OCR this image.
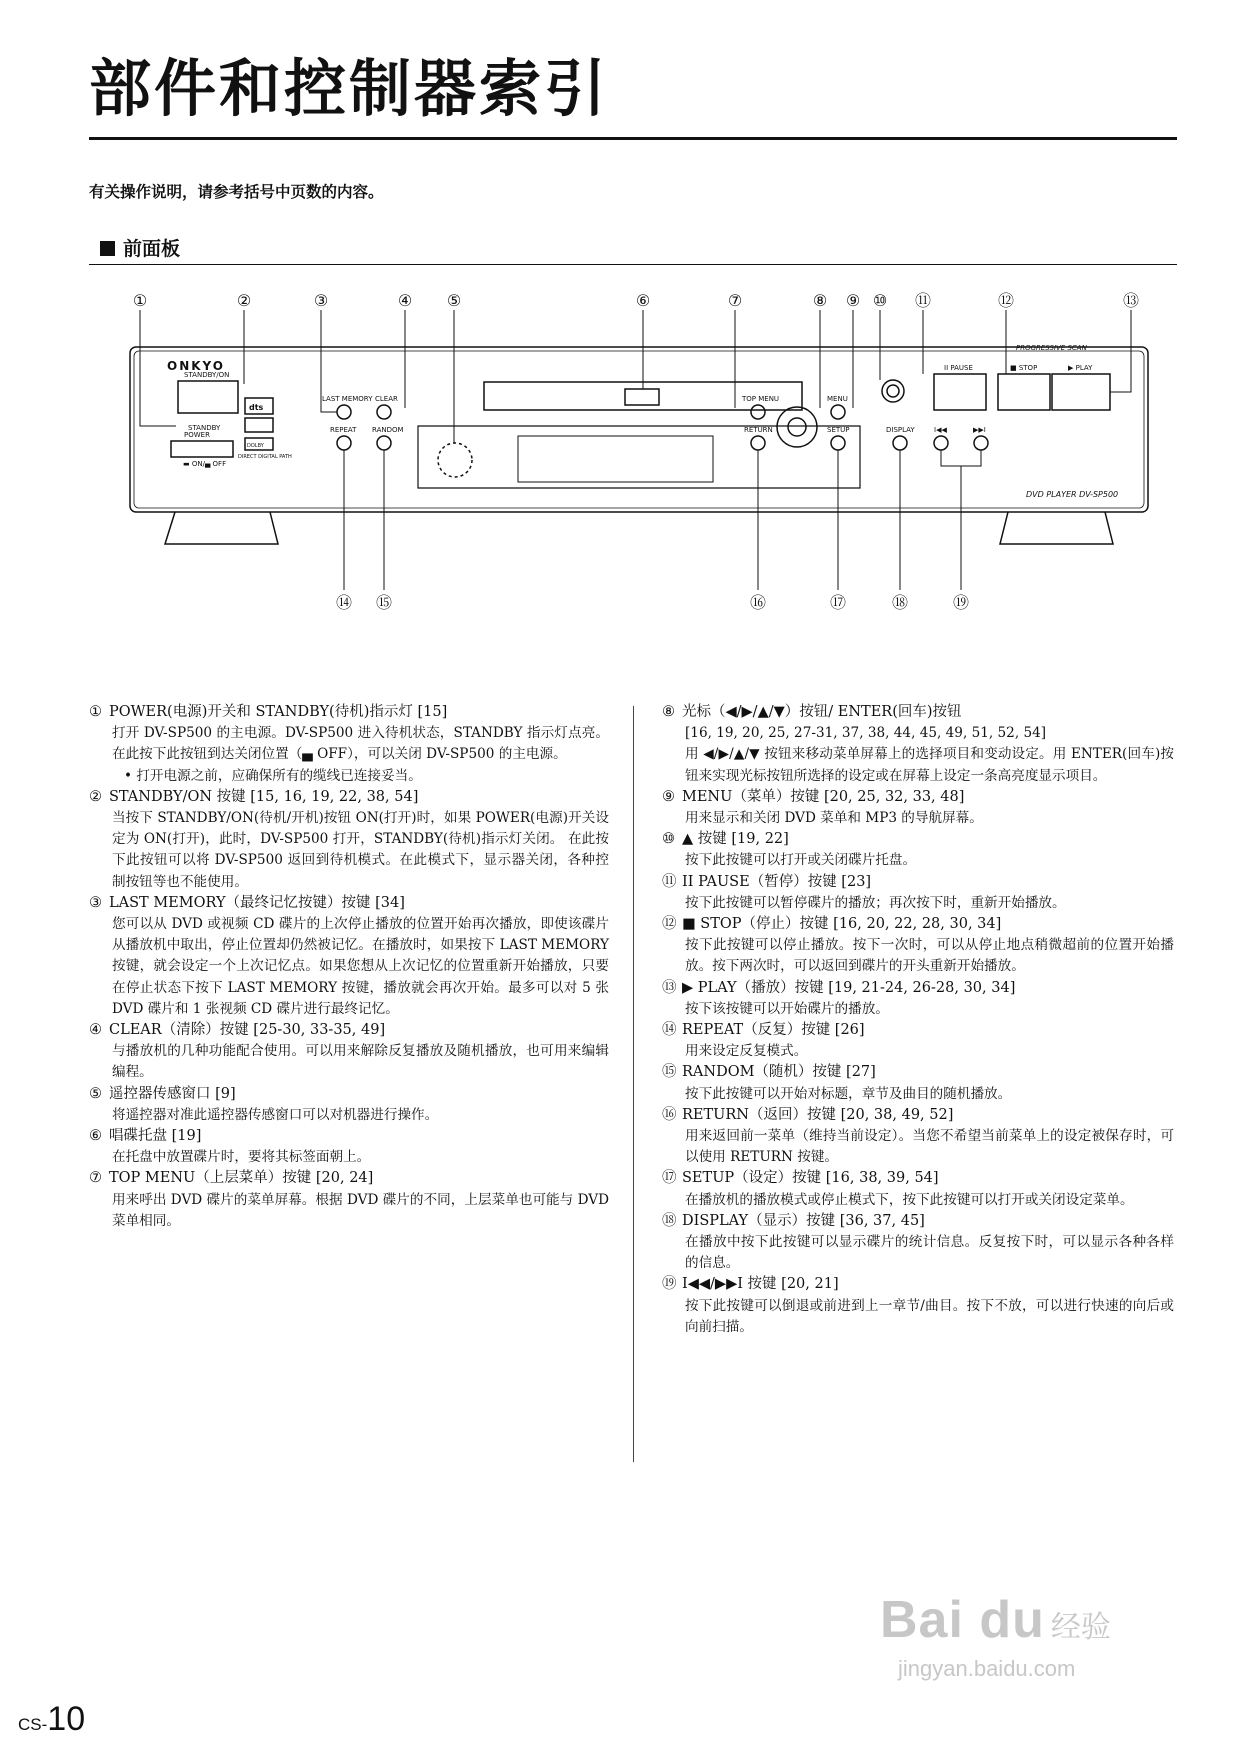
部件和控制器索引
有关操作说明，请参考括号中页数的内容。
前面板
ONKYO
STANDBY/ON
STANDBY
POWER
▬ ON/▄ OFF
dts
DOLBY
DIRECT DIGITAL PATH
LAST MEMORY CLEAR
REPEAT RANDOM
TOP MENU
RETURN
MENU
SETUP	DISPLAY	I◀◀	▶▶I
II PAUSE	■ STOP	▶ PLAY
PROGRESSIVE SCAN
DVD PLAYER DV-SP500
①	②	③	④ ⑤	⑥	⑦	⑧ ⑨ ⑩ ⑪	⑫	⑬
⑭ ⑮	⑯	⑰	⑱	⑲
① POWER(电源)开关和 STANDBY(待机)指示灯 [15]
打开 DV-SP500 的主电源。DV-SP500 进入待机状态，STANDBY 指示灯点亮。在此按下此按钮到达关闭位置（▄ OFF），可以关闭 DV-SP500 的主电源。
• 打开电源之前，应确保所有的缆线已连接妥当。
② STANDBY/ON 按键 [15, 16, 19, 22, 38, 54]
当按下 STANDBY/ON(待机/开机)按钮 ON(打开)时，如果 POWER(电源)开关设定为 ON(打开)，此时，DV-SP500 打开，STANDBY(待机)指示灯关闭。 在此按下此按钮可以将 DV-SP500 返回到待机模式。在此模式下，显示器关闭，各种控制按钮等也不能使用。
③ LAST MEMORY（最终记忆按键）按键 [34]
您可以从 DVD 或视频 CD 碟片的上次停止播放的位置开始再次播放，即使该碟片从播放机中取出，停止位置却仍然被记忆。在播放时，如果按下 LAST MEMORY 按键，就会设定一个上次记忆点。如果您想从上次记忆的位置重新开始播放，只要在停止状态下按下 LAST MEMORY 按键，播放就会再次开始。最多可以对 5 张 DVD 碟片和 1 张视频 CD 碟片进行最终记忆。
④ CLEAR（清除）按键 [25-30, 33-35, 49]
与播放机的几种功能配合使用。可以用来解除反复播放及随机播放，也可用来编辑编程。
⑤ 遥控器传感窗口 [9]
将遥控器对准此遥控器传感窗口可以对机器进行操作。
⑥ 唱碟托盘 [19]
在托盘中放置碟片时，要将其标签面朝上。
⑦ TOP MENU（上层菜单）按键 [20, 24]
用来呼出 DVD 碟片的菜单屏幕。根据 DVD 碟片的不同，上层菜单也可能与 DVD 菜单相同。
⑧ 光标（◀/▶/▲/▼）按钮/ ENTER(回车)按钮
[16, 19, 20, 25, 27-31, 37, 38, 44, 45, 49, 51, 52, 54]
用 ◀/▶/▲/▼ 按钮来移动菜单屏幕上的选择项目和变动设定。用 ENTER(回车)按钮来实现光标按钮所选择的设定或在屏幕上设定一条高亮度显示项目。
⑨ MENU（菜单）按键 [20, 25, 32, 33, 48]
用来显示和关闭 DVD 菜单和 MP3 的导航屏幕。
⑩ ▲ 按键 [19, 22]
按下此按键可以打开或关闭碟片托盘。
⑪ II PAUSE（暂停）按键 [23]
按下此按键可以暂停碟片的播放；再次按下时，重新开始播放。
⑫ ■ STOP（停止）按键 [16, 20, 22, 28, 30, 34]
按下此按键可以停止播放。按下一次时，可以从停止地点稍微超前的位置开始播放。按下两次时，可以返回到碟片的开头重新开始播放。
⑬ ▶ PLAY（播放）按键 [19, 21-24, 26-28, 30, 34]
按下该按键可以开始碟片的播放。
⑭ REPEAT（反复）按键 [26]
用来设定反复模式。
⑮ RANDOM（随机）按键 [27]
按下此按键可以开始对标题，章节及曲目的随机播放。
⑯ RETURN（返回）按键 [20, 38, 49, 52]
用来返回前一菜单（维持当前设定）。当您不希望当前菜单上的设定被保存时，可以使用 RETURN 按键。
⑰ SETUP（设定）按键 [16, 38, 39, 54]
在播放机的播放模式或停止模式下，按下此按键可以打开或关闭设定菜单。
⑱ DISPLAY（显示）按键 [36, 37, 45]
在播放中按下此按键可以显示碟片的统计信息。反复按下时，可以显示各种各样的信息。
⑲ I◀◀/▶▶I 按键 [20, 21]
按下此按键可以倒退或前进到上一章节/曲目。按下不放，可以进行快速的向后或向前扫描。
CS-10
Bai du 经验
jingyan.baidu.com
